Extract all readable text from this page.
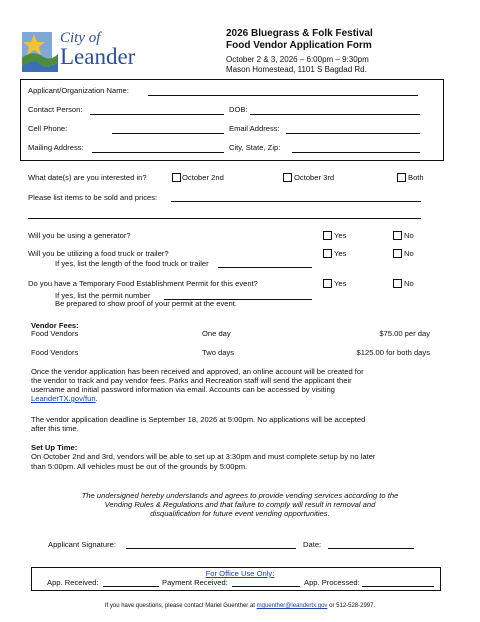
City of
Leander
2026 Bluegrass & Folk Festival
Food Vendor Application Form
October 2 & 3, 2026 – 6:00pm – 9:30pm
Mason Homestead, 1101 S Bagdad Rd.
Applicant/Organization Name:
Contact Person:	DOB:
Cell Phone:	Email Address:
Mailing Address:	City, State, Zip:
What date(s) are you interested in?	October 2nd	October 3rd	Both
Please list items to be sold and prices:
Will you be using a generator?	Yes	No
Will you be utilizing a food truck or trailer?	Yes	No
If yes, list the length of the food truck or trailer
Do you have a Temporary Food Establishment Permit for this event?	Yes	No
If yes, list the permit number
Be prepared to show proof of your permit at the event.
Vendor Fees:
Food Vendors	One day	$75.00 per day
Food Vendors	Two days	$125.00 for both days
Once the vendor application has been received and approved, an online account will be created for
the vendor to track and pay vendor fees. Parks and Recreation staff will send the applicant their
username and initial password information via email. Accounts can be accessed by visiting
LeanderTX.gov/fun.
The vendor application deadline is September 18, 2026 at 5:00pm. No applications will be accepted
after this time.
Set Up Time:
On October 2nd and 3rd, vendors will be able to set up at 3:30pm and must complete setup by no later
than 5:00pm. All vehicles must be out of the grounds by 5:00pm.
The undersigned hereby understands and agrees to provide vending services according to the
Vending Rules & Regulations and that failure to comply will result in removal and
disqualification for future event vending opportunities.
Applicant Signature:	Date:
For Office Use Only:
App. Received:	Payment Received:	App. Processed:
If you have questions, please contact Mariel Guenther at mguenther@leandertx.gov or 512-528-2997.
